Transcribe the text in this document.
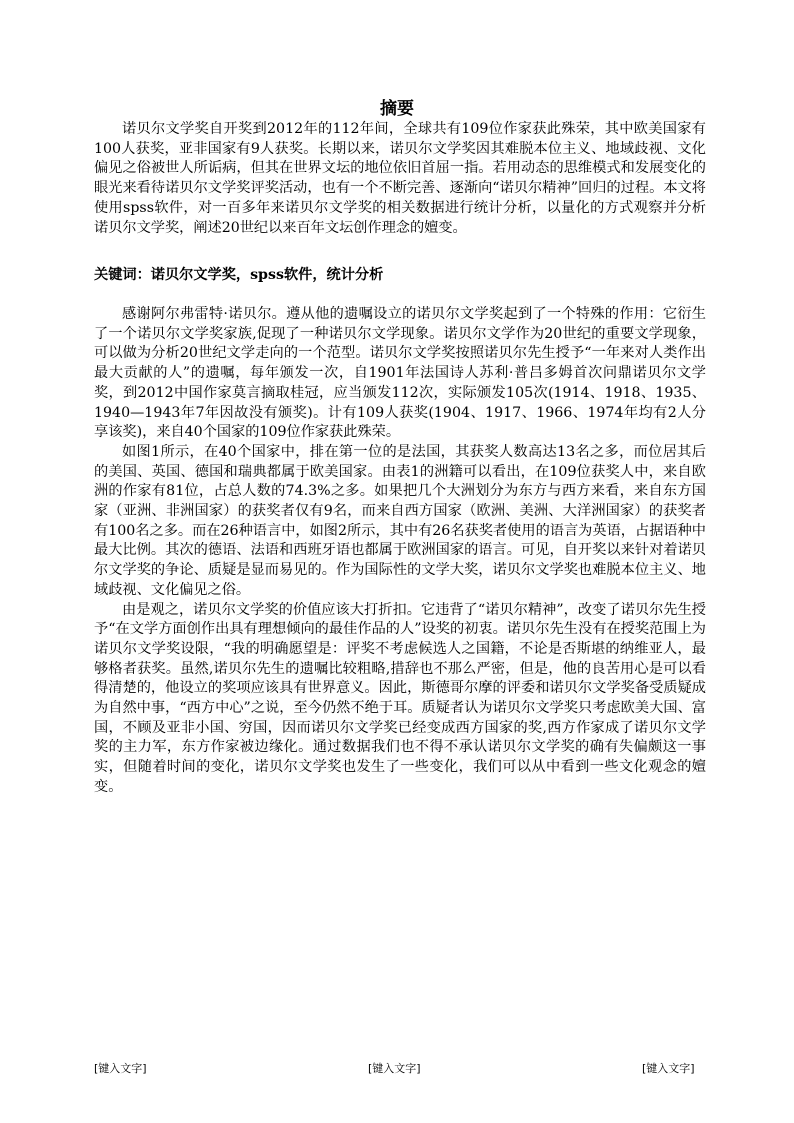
摘要
诺贝尔文学奖自开奖到2012年的112年间，全球共有109位作家获此殊荣，其中欧美国家有100人获奖，亚非国家有9人获奖。长期以来，诺贝尔文学奖因其难脱本位主义、地域歧视、文化偏见之俗被世人所诟病，但其在世界文坛的地位依旧首屈一指。若用动态的思维模式和发展变化的眼光来看待诺贝尔文学奖评奖活动，也有一个不断完善、逐渐向“诺贝尔精神”回归的过程。本文将使用spss软件，对一百多年来诺贝尔文学奖的相关数据进行统计分析，以量化的方式观察并分析诺贝尔文学奖，阐述20世纪以来百年文坛创作理念的嬗变。
关键词：诺贝尔文学奖，spss软件，统计分析

感谢阿尔弗雷特·诺贝尔。遵从他的遗嘱设立的诺贝尔文学奖起到了一个特殊的作用：它衍生了一个诺贝尔文学奖家族,促现了一种诺贝尔文学现象。诺贝尔文学作为20世纪的重要文学现象，可以做为分析20世纪文学走向的一个范型。诺贝尔文学奖按照诺贝尔先生授予“一年来对人类作出最大贡献的人”的遗嘱，每年颁发一次，自1901年法国诗人苏利·普吕多姆首次问鼎诺贝尔文学奖，到2012中国作家莫言摘取桂冠，应当颁发112次，实际颁发105次(1914、1918、1935、1940—1943年7年因故没有颁奖)。计有109人获奖(1904、1917、1966、1974年均有2人分享该奖)，来自40个国家的109位作家获此殊荣。

如图1所示，在40个国家中，排在第一位的是法国，其获奖人数高达13名之多，而位居其后的美国、英国、德国和瑞典都属于欧美国家。由表1的洲籍可以看出，在109位获奖人中，来自欧洲的作家有81位，占总人数的74.3%之多。如果把几个大洲划分为东方与西方来看，来自东方国家（亚洲、非洲国家）的获奖者仅有9名，而来自西方国家（欧洲、美洲、大洋洲国家）的获奖者有100名之多。而在26种语言中，如图2所示，其中有26名获奖者使用的语言为英语，占据语种中最大比例。其次的德语、法语和西班牙语也都属于欧洲国家的语言。可见，自开奖以来针对着诺贝尔文学奖的争论、质疑是显而易见的。作为国际性的文学大奖，诺贝尔文学奖也难脱本位主义、地域歧视、文化偏见之俗。

由是观之，诺贝尔文学奖的价值应该大打折扣。它违背了“诺贝尔精神”，改变了诺贝尔先生授予“在文学方面创作出具有理想倾向的最佳作品的人”设奖的初衷。诺贝尔先生没有在授奖范围上为诺贝尔文学奖设限，“我的明确愿望是：评奖不考虑候选人之国籍，不论是否斯堪的纳维亚人，最够格者获奖。虽然,诺贝尔先生的遗嘱比较粗略,措辞也不那么严密，但是，他的良苦用心是可以看得清楚的，他设立的奖项应该具有世界意义。因此，斯德哥尔摩的评委和诺贝尔文学奖备受质疑成为自然中事，“西方中心”之说，至今仍然不绝于耳。质疑者认为诺贝尔文学奖只考虑欧美大国、富国，不顾及亚非小国、穷国，因而诺贝尔文学奖已经变成西方国家的奖,西方作家成了诺贝尔文学奖的主力军，东方作家被边缘化。通过数据我们也不得不承认诺贝尔文学奖的确有失偏颇这一事实，但随着时间的变化，诺贝尔文学奖也发生了一些变化，我们可以从中看到一些文化观念的嬗变。

[键入文字]	[键入文字]	[键入文字]
